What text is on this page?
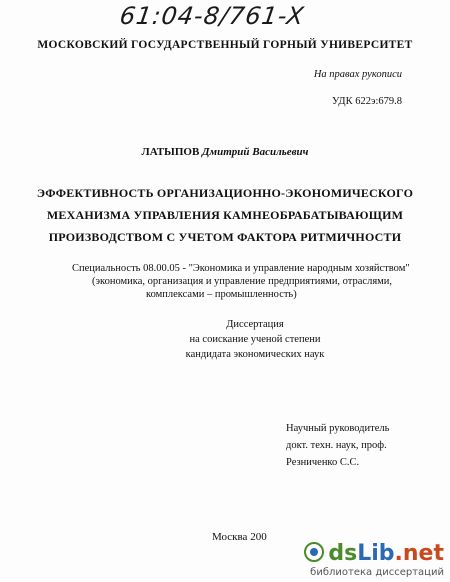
61:04-8/761-X
МОСКОВСКИЙ ГОСУДАРСТВЕННЫЙ ГОРНЫЙ УНИВЕРСИТЕТ
На правах рукописи
УДК 622э:679.8
ЛАТЫПОВ Дмитрий Васильевич
ЭФФЕКТИВНОСТЬ ОРГАНИЗАЦИОННО-ЭКОНОМИЧЕСКОГО
МЕХАНИЗМА УПРАВЛЕНИЯ КАМНЕОБРАБАТЫВАЮЩИМ
ПРОИЗВОДСТВОМ С УЧЕТОМ ФАКТОРА РИТМИЧНОСТИ
Специальность 08.00.05 - "Экономика и управление народным хозяйством"
(экономика, организация и управление предприятиями, отраслями,
комплексами – промышленность)
Диссертация
на соискание ученой степени
кандидата экономических наук
Научный руководитель
докт. техн. наук, проф.
Резниченко С.С.
Москва 200
dsLib.net
библиотека диссертаций
